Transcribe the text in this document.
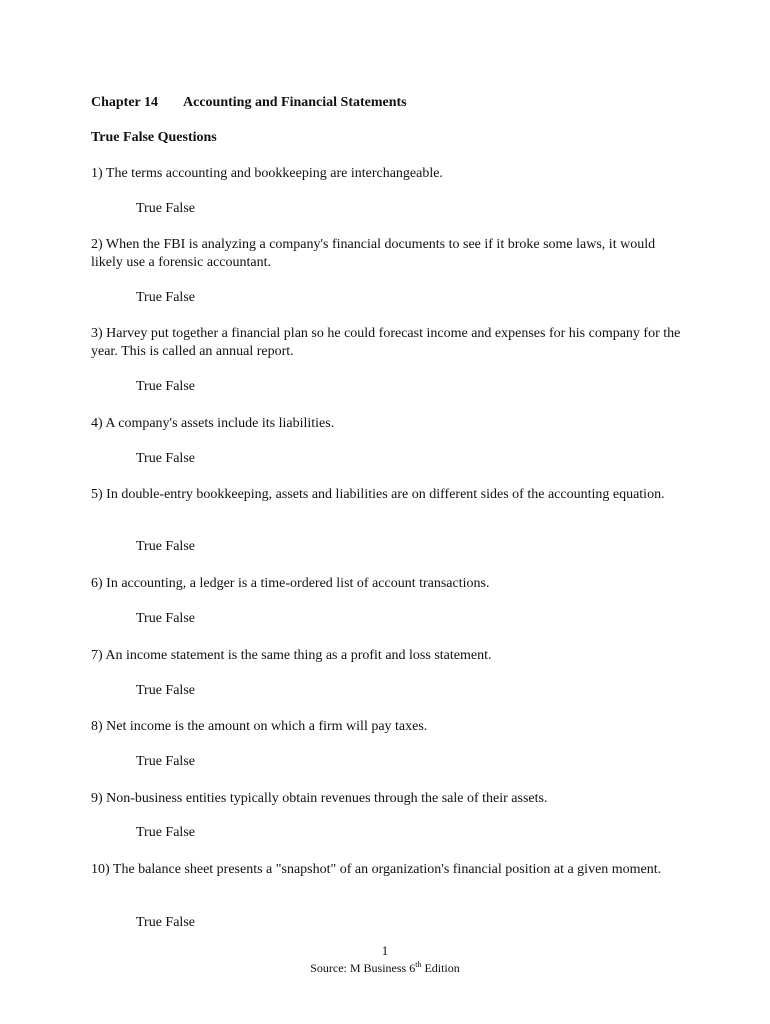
Chapter 14 Accounting and Financial Statements
True False Questions
1) The terms accounting and bookkeeping are interchangeable.
True False
2) When the FBI is analyzing a company's financial documents to see if it broke some laws, it would likely use a forensic accountant.
True False
3) Harvey put together a financial plan so he could forecast income and expenses for his company for the year. This is called an annual report.
True False
4) A company's assets include its liabilities.
True False
5) In double-entry bookkeeping, assets and liabilities are on different sides of the accounting equation.
True False
6) In accounting, a ledger is a time-ordered list of account transactions.
True False
7) An income statement is the same thing as a profit and loss statement.
True False
8) Net income is the amount on which a firm will pay taxes.
True False
9) Non-business entities typically obtain revenues through the sale of their assets.
True False
10) The balance sheet presents a "snapshot" of an organization's financial position at a given moment.
True False
1
Source: M Business 6th Edition
